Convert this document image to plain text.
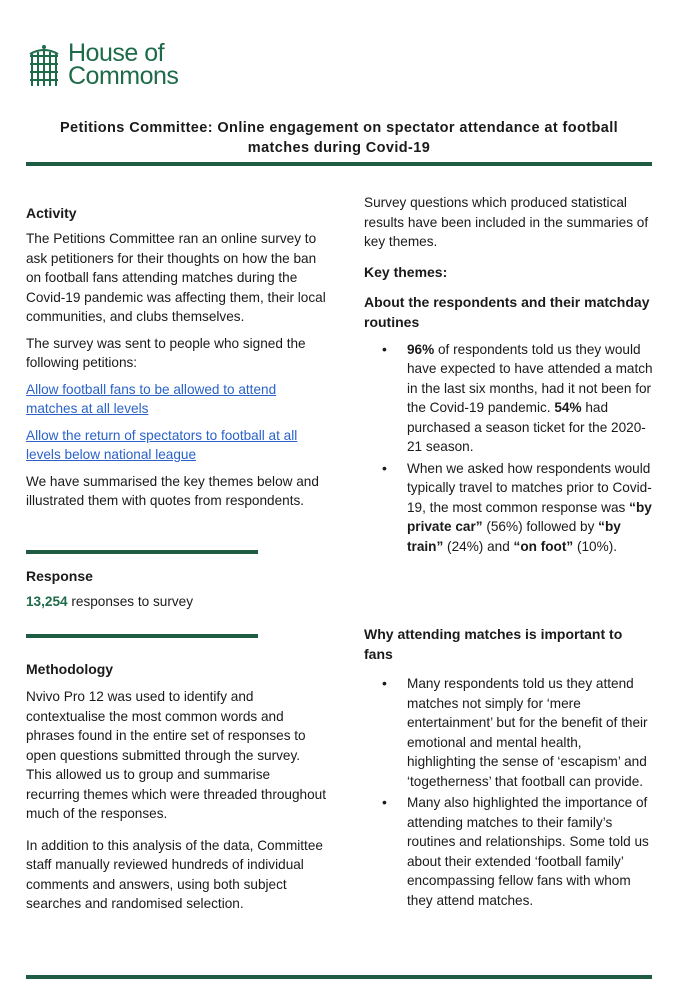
House of
Commons
Petitions Committee: Online engagement on spectator attendance at football matches during Covid-19
Activity

The Petitions Committee ran an online survey to ask petitioners for their thoughts on how the ban on football fans attending matches during the Covid-19 pandemic was affecting them, their local communities, and clubs themselves.

The survey was sent to people who signed the following petitions:

Allow football fans to be allowed to attend matches at all levels
Allow the return of spectators to football at all levels below national league

We have summarised the key themes below and illustrated them with quotes from respondents.

Response

13,254 responses to survey

Methodology

Nvivo Pro 12 was used to identify and contextualise the most common words and phrases found in the entire set of responses to open questions submitted through the survey. This allowed us to group and summarise recurring themes which were threaded throughout much of the responses.

In addition to this analysis of the data, Committee staff manually reviewed hundreds of individual comments and answers, using both subject searches and randomised selection.

Survey questions which produced statistical results have been included in the summaries of key themes.

Key themes:
About the respondents and their matchday routines
• 96% of respondents told us they would have expected to have attended a match in the last six months, had it not been for the Covid-19 pandemic. 54% had purchased a season ticket for the 2020-21 season.
• When we asked how respondents would typically travel to matches prior to Covid-19, the most common response was “by private car” (56%) followed by “by train” (24%) and “on foot” (10%).
Why attending matches is important to fans
• Many respondents told us they attend matches not simply for ‘mere entertainment’ but for the benefit of their emotional and mental health, highlighting the sense of ‘escapism’ and ‘togetherness’ that football can provide.
• Many also highlighted the importance of attending matches to their family’s routines and relationships. Some told us about their extended ‘football family’ encompassing fellow fans with whom they attend matches.
